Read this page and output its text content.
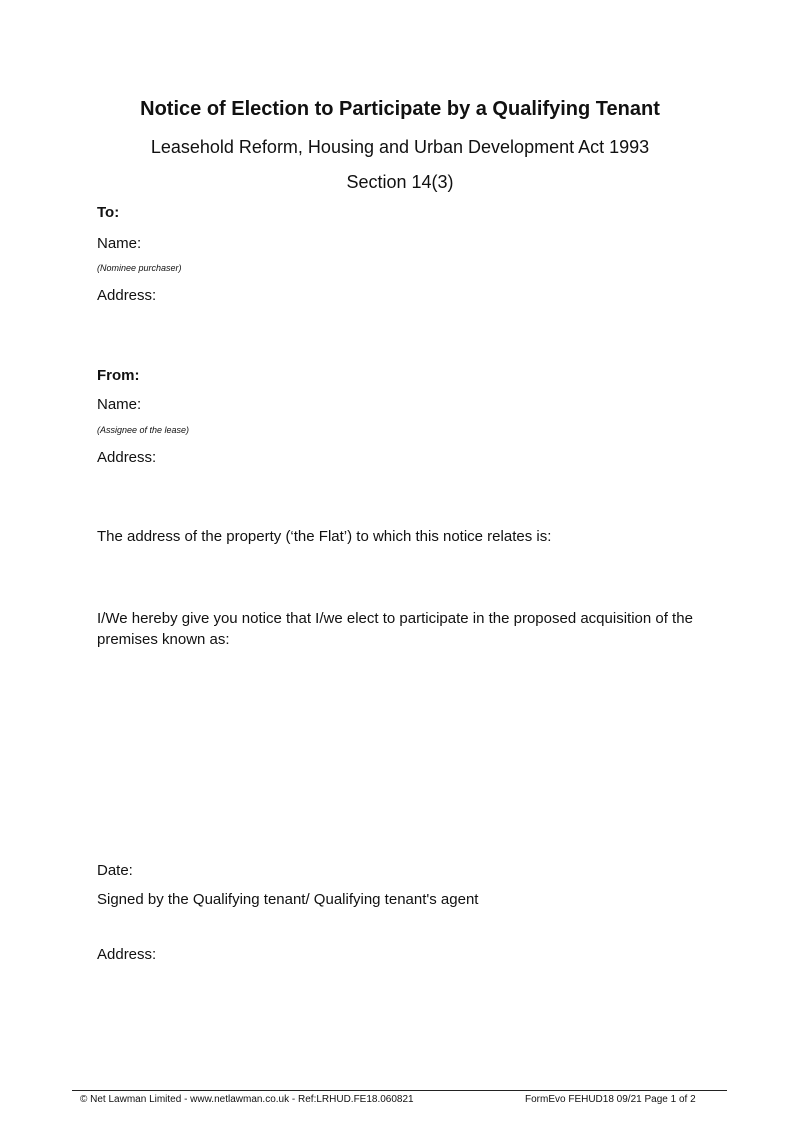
Notice of Election to Participate by a Qualifying Tenant
Leasehold Reform, Housing and Urban Development Act 1993
Section 14(3)
To:
Name:
(Nominee purchaser)
Address:
From:
Name:
(Assignee of the lease)
Address:
The address of the property (‘the Flat’) to which this notice relates is:
I/We hereby give you notice that I/we elect to participate in the proposed acquisition of the premises known as:
Date:
Signed by the Qualifying tenant/ Qualifying tenant's agent
Address:
© Net Lawman Limited - www.netlawman.co.uk - Ref:LRHUD.FE18.060821	FormEvo FEHUD18 09/21 Page 1 of 2
